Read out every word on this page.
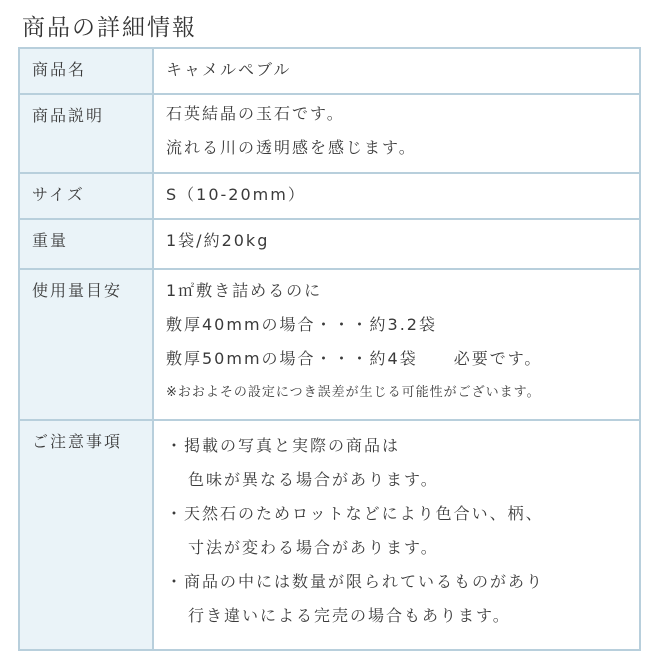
商品の詳細情報
商品名	キャメルペブル
商品説明	石英結晶の玉石です。
流れる川の透明感を感じます。
サイズ	S（10-20mm）
重量	1袋/約20kg
使用量目安	1㎡敷き詰めるのに
敷厚40mmの場合・・・約3.2袋
敷厚50mmの場合・・・約4袋　　必要です。
※おおよその設定につき誤差が生じる可能性がございます。
ご注意事項	・掲載の写真と実際の商品は
色味が異なる場合があります。
・天然石のためロットなどにより色合い、柄、
寸法が変わる場合があります。
・商品の中には数量が限られているものがあり
行き違いによる完売の場合もあります。
